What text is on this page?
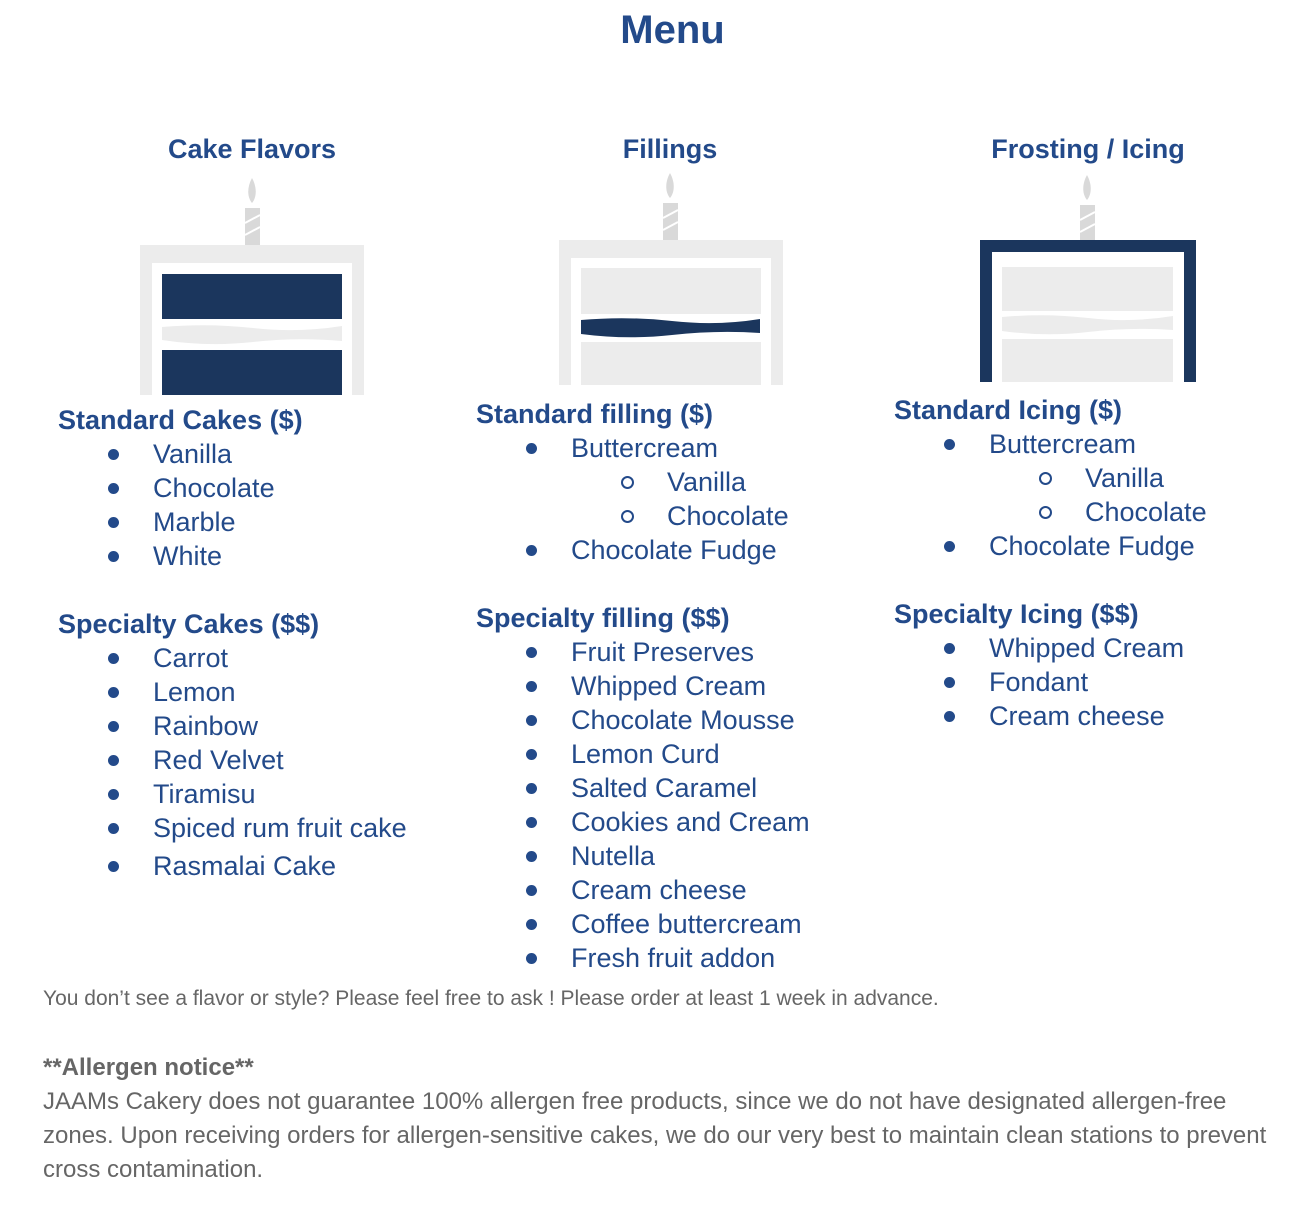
Menu
Cake Flavors	Fillings	Frosting / Icing
Standard Cakes ($)
Vanilla
Chocolate
Marble
White
Specialty Cakes ($$)
Carrot
Lemon
Rainbow
Red Velvet
Tiramisu
Spiced rum fruit cake
Rasmalai Cake
Standard filling ($)
Buttercream
Vanilla
Chocolate
Chocolate Fudge
Specialty filling ($$)
Fruit Preserves
Whipped Cream
Chocolate Mousse
Lemon Curd
Salted Caramel
Cookies and Cream
Nutella
Cream cheese
Coffee buttercream
Fresh fruit addon
Standard Icing ($)
Buttercream
Vanilla
Chocolate
Chocolate Fudge
Specialty Icing ($$)
Whipped Cream
Fondant
Cream cheese
You don’t see a flavor or style? Please feel free to ask ! Please order at least 1 week in advance.
**Allergen notice**
JAAMs Cakery does not guarantee 100% allergen free products, since we do not have designated allergen-free zones. Upon receiving orders for allergen-sensitive cakes, we do our very best to maintain clean stations to prevent cross contamination.
